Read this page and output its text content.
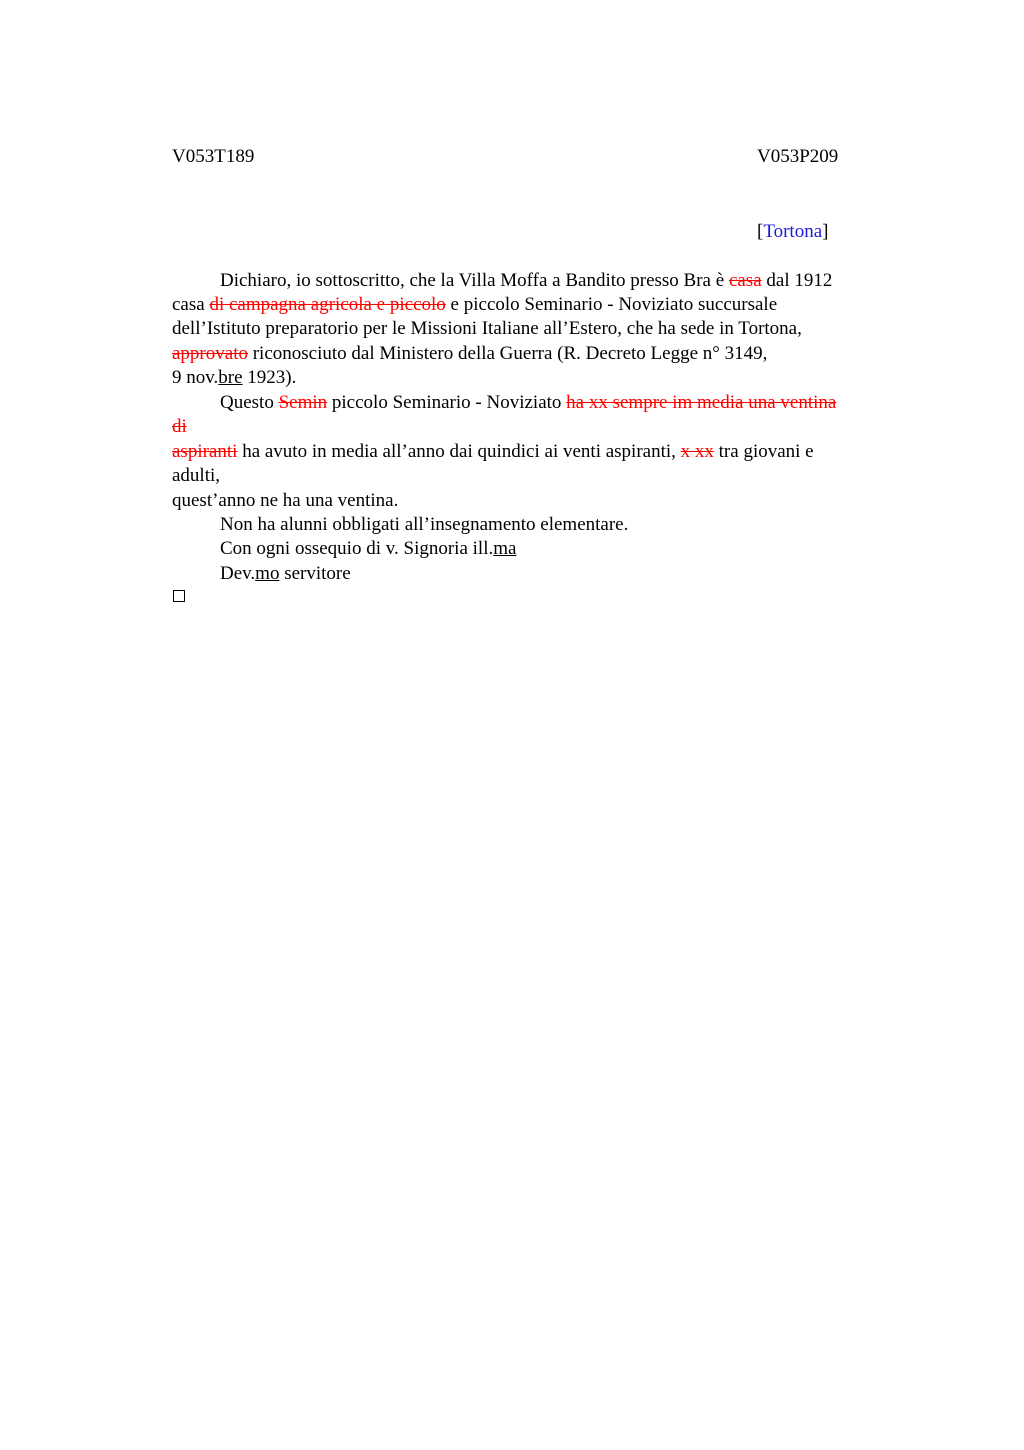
V053T189	V053P209
[Tortona]
Dichiaro, io sottoscritto, che la Villa Moffa a Bandito presso Bra è casa dal 1912
casa di campagna agricola e piccolo e piccolo Seminario - Noviziato succursale
dell’Istituto preparatorio per le Missioni Italiane all’Estero, che ha sede in Tortona,
approvato riconosciuto dal Ministero della Guerra (R. Decreto Legge n° 3149,
9 nov.bre 1923).
Questo Semin piccolo Seminario - Noviziato ha xx sempre im media una ventina
di
aspiranti ha avuto in media all’anno dai quindici ai venti aspiranti, x xx tra giovani e
adulti,
quest’anno ne ha una ventina.
Non ha alunni obbligati all’insegnamento elementare.
Con ogni ossequio di v. Signoria ill.ma
Dev.mo servitore
